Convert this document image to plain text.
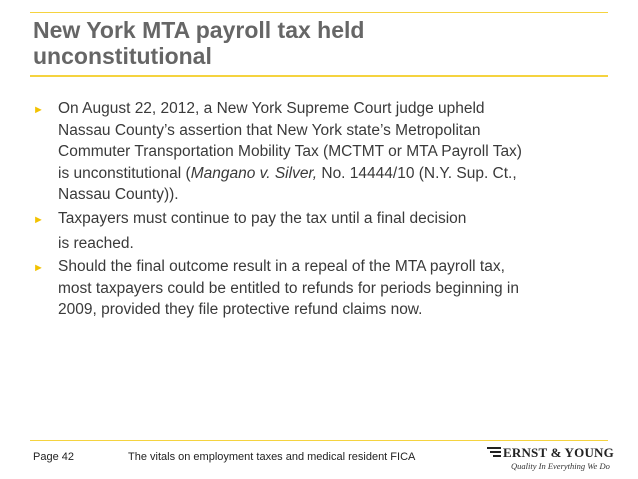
New York MTA payroll tax held
unconstitutional
► On August 22, 2012, a New York Supreme Court judge upheld
Nassau County’s assertion that New York state’s Metropolitan
Commuter Transportation Mobility Tax (MCTMT or MTA Payroll Tax)
is unconstitutional (Mangano v. Silver, No. 14444/10 (N.Y. Sup. Ct.,
Nassau County)).
► Taxpayers must continue to pay the tax until a final decision
is reached.
► Should the final outcome result in a repeal of the MTA payroll tax,
most taxpayers could be entitled to refunds for periods beginning in
2009, provided they file protective refund claims now.
Page 42	The vitals on employment taxes and medical resident FICA	ERNST & YOUNG
Quality In Everything We Do
